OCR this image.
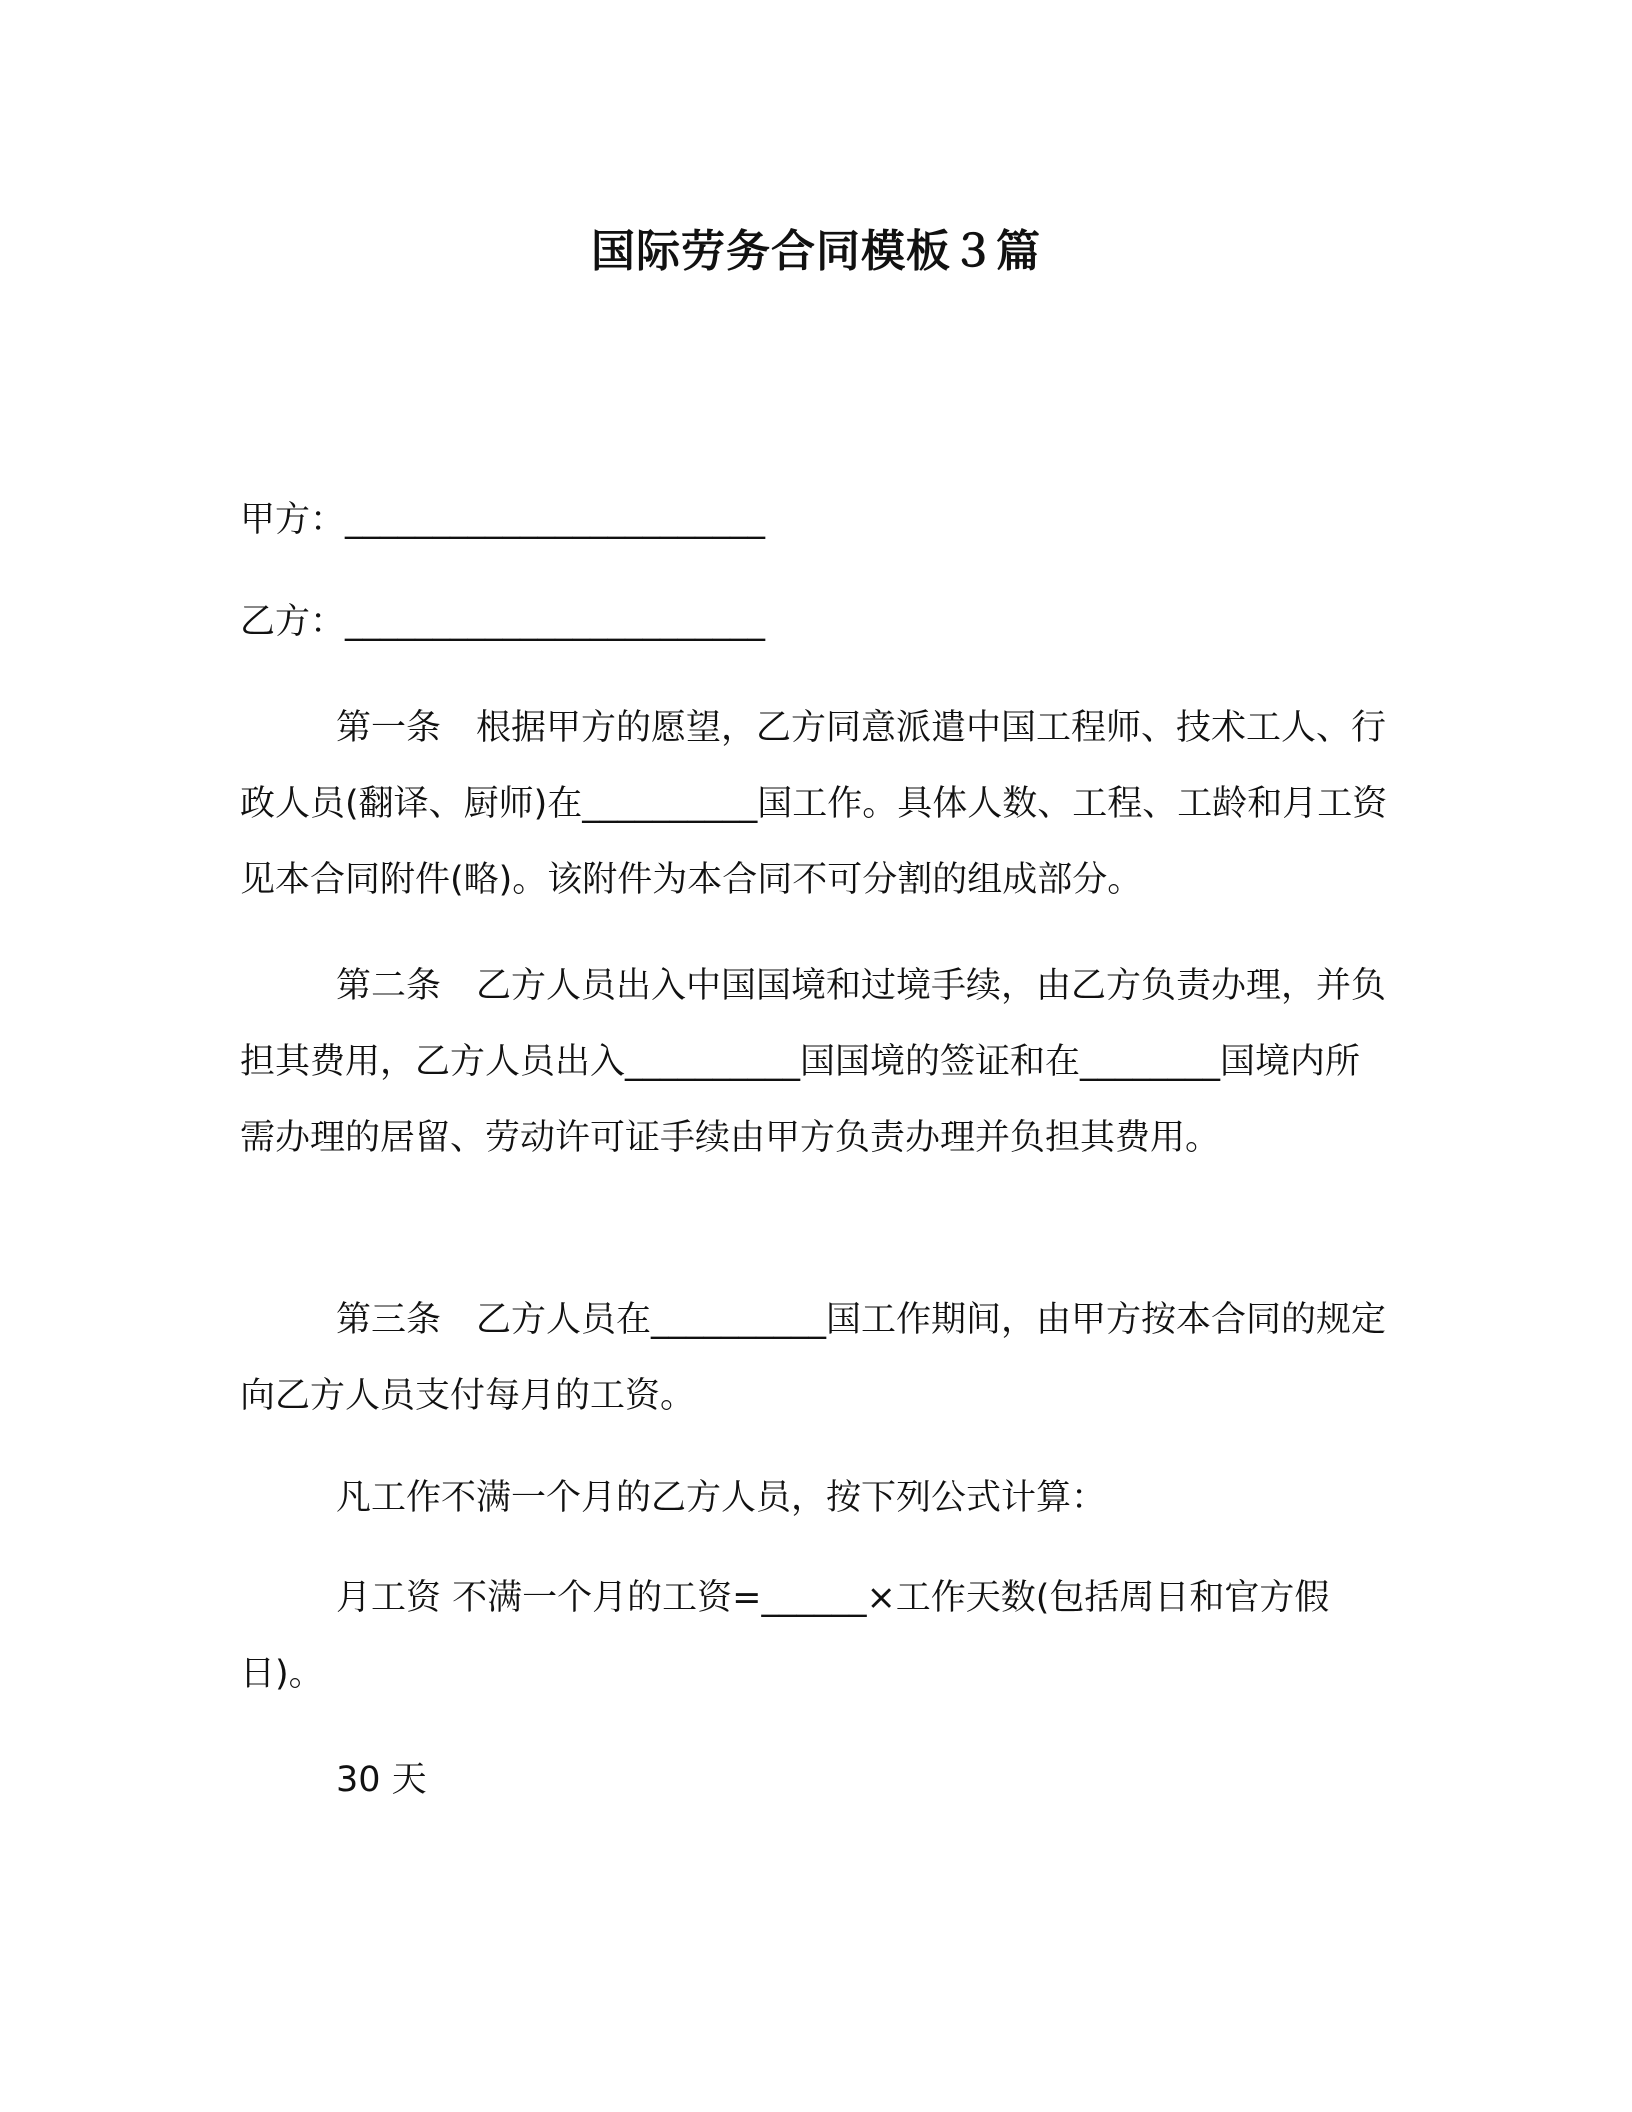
国际劳务合同模板３篇
甲方：________________________
乙方：________________________
第一条　根据甲方的愿望，乙方同意派遣中国工程师、技术工人、行政人员(翻译、厨师)在__________国工作。具体人数、工程、工龄和月工资见本合同附件(略)。该附件为本合同不可分割的组成部分。
第二条　乙方人员出入中国国境和过境手续，由乙方负责办理，并负担其费用，乙方人员出入__________国国境的签证和在________国境内所需办理的居留、劳动许可证手续由甲方负责办理并负担其费用。
第三条　乙方人员在__________国工作期间，由甲方按本合同的规定向乙方人员支付每月的工资。
凡工作不满一个月的乙方人员，按下列公式计算：
月工资 不满一个月的工资=______×工作天数(包括周日和官方假日)。
30 天
